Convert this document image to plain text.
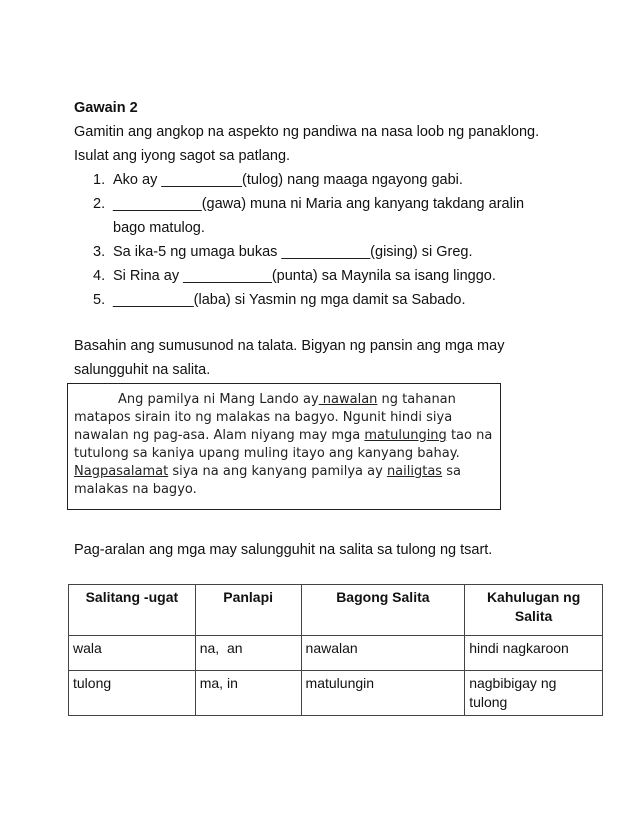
Gawain 2
Gamitin ang angkop na aspekto ng pandiwa na nasa loob ng panaklong.
Isulat ang iyong sagot sa patlang.
1. Ako ay __________(tulog) nang maaga ngayong gabi.
2. ___________(gawa) muna ni Maria ang kanyang takdang aralin
bago matulog.
3. Sa ika-5 ng umaga bukas ___________(gising) si Greg.
4. Si Rina ay ___________(punta) sa Maynila sa isang linggo.
5. __________(laba) si Yasmin ng mga damit sa Sabado.
Basahin ang sumusunod na talata. Bigyan ng pansin ang mga may
salungguhit na salita.

Ang pamilya ni Mang Lando ay nawalan ng tahanan matapos sirain ito ng malakas na bagyo. Ngunit hindi siya nawalan ng pag-asa. Alam niyang may mga matulunging tao na tutulong sa kaniya upang muling itayo ang kanyang bahay. Nagpasalamat siya na ang kanyang pamilya ay nailigtas sa malakas na bagyo.

Pag-aralan ang mga may salungguhit na salita sa tulong ng tsart.
Salitang -ugat	Panlapi	Bagong Salita	Kahulugan ng Salita
wala	na,  an	nawalan	hindi nagkaroon
tulong	ma, in	matulungin	nagbibigay ng tulong
